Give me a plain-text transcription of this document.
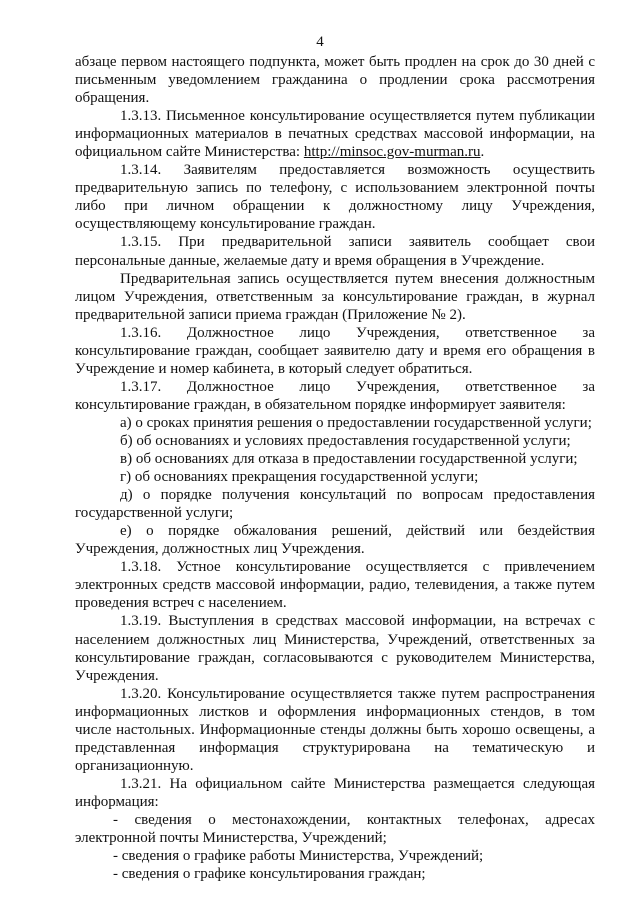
4
абзаце первом настоящего подпункта, может быть продлен на срок до 30 дней с
письменным уведомлением гражданина о продлении срока рассмотрения
обращения.
1.3.13. Письменное консультирование осуществляется путем публикации
информационных материалов в печатных средствах массовой информации, на
официальном сайте Министерства: http://minsoc.gov-murman.ru.
1.3.14. Заявителям предоставляется возможность осуществить
предварительную запись по телефону, с использованием электронной почты
либо при личном обращении к должностному лицу Учреждения,
осуществляющему консультирование граждан.
1.3.15. При предварительной записи заявитель сообщает свои
персональные данные, желаемые дату и время обращения в Учреждение.
Предварительная запись осуществляется путем внесения должностным
лицом Учреждения, ответственным за консультирование граждан, в журнал
предварительной записи приема граждан (Приложение № 2).
1.3.16. Должностное лицо Учреждения, ответственное за
консультирование граждан, сообщает заявителю дату и время его обращения в
Учреждение и номер кабинета, в который следует обратиться.
1.3.17. Должностное лицо Учреждения, ответственное за
консультирование граждан, в обязательном порядке информирует заявителя:
а) о сроках принятия решения о предоставлении государственной услуги;
б) об основаниях и условиях предоставления государственной услуги;
в) об основаниях для отказа в предоставлении государственной услуги;
г) об основаниях прекращения государственной услуги;
д) о порядке получения консультаций по вопросам предоставления
государственной услуги;
е) о порядке обжалования решений, действий или бездействия
Учреждения, должностных лиц Учреждения.
1.3.18. Устное консультирование осуществляется с привлечением
электронных средств массовой информации, радио, телевидения, а также путем
проведения встреч с населением.
1.3.19. Выступления в средствах массовой информации, на встречах с
населением должностных лиц Министерства, Учреждений, ответственных за
консультирование граждан, согласовываются с руководителем Министерства,
Учреждения.
1.3.20. Консультирование осуществляется также путем распространения
информационных листков и оформления информационных стендов, в том
числе настольных. Информационные стенды должны быть хорошо освещены, а
представленная информация структурирована на тематическую и
организационную.
1.3.21. На официальном сайте Министерства размещается следующая
информация:
- сведения о местонахождении, контактных телефонах, адресах
электронной почты Министерства, Учреждений;
- сведения о графике работы Министерства, Учреждений;
- сведения о графике консультирования граждан;
